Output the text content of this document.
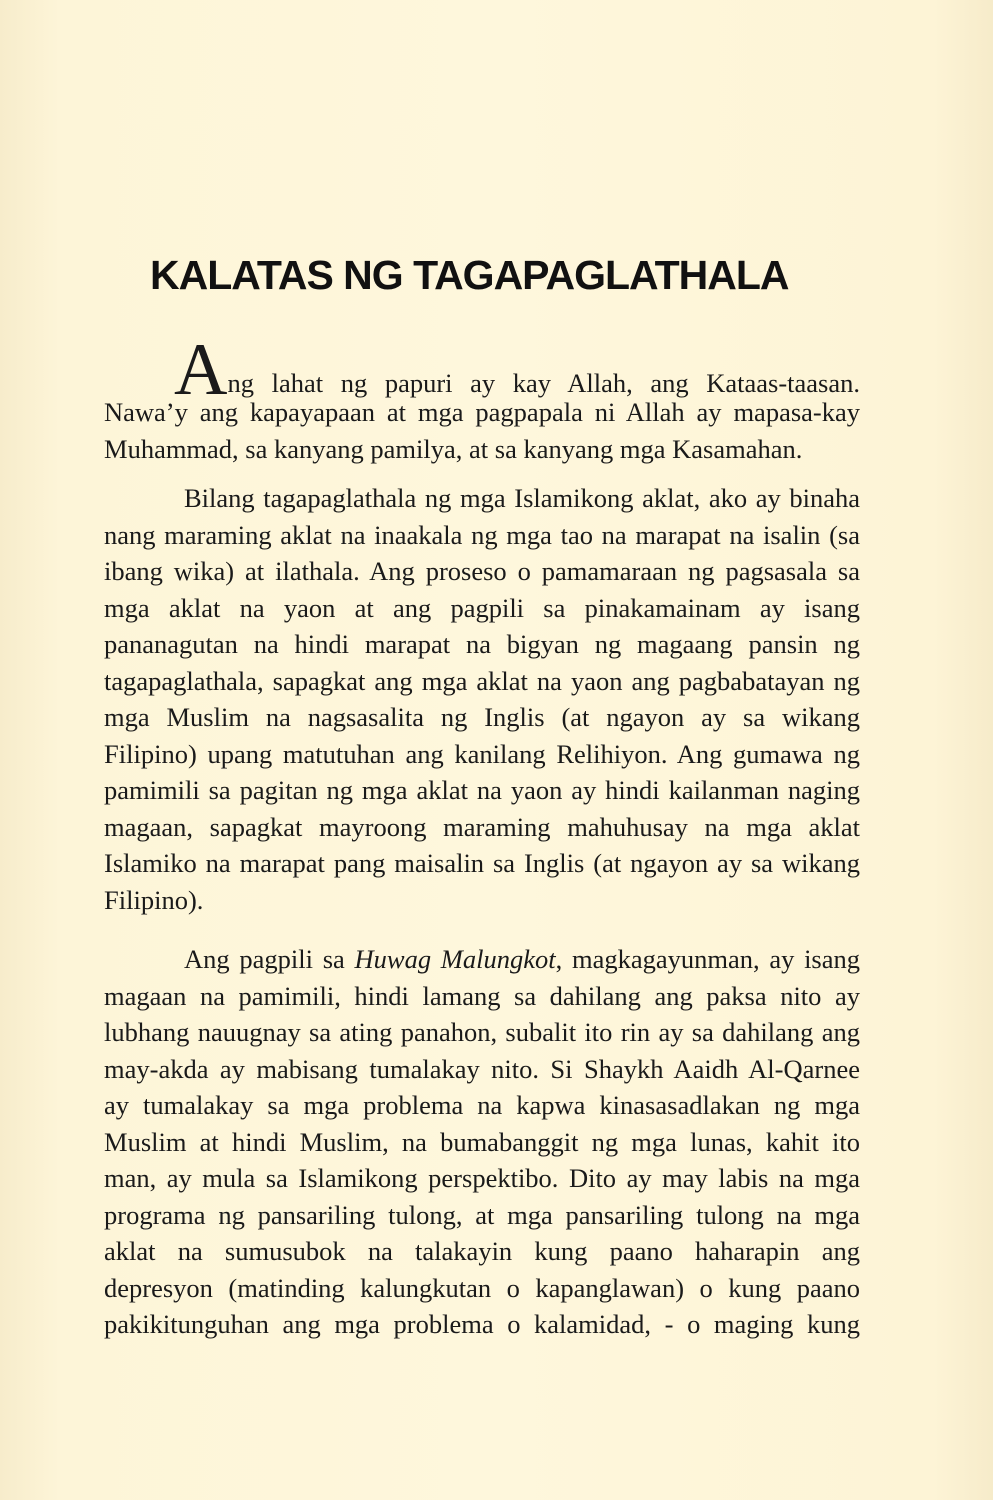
KALATAS NG TAGAPAGLATHALA
Ang lahat ng papuri ay kay Allah, ang Kataas-taasan.
Nawa’y ang kapayapaan at mga pagpapala ni Allah ay mapasa-kay
Muhammad, sa kanyang pamilya, at sa kanyang mga Kasamahan.
Bilang tagapaglathala ng mga Islamikong aklat, ako ay binaha
nang maraming aklat na inaakala ng mga tao na marapat na isalin (sa
ibang wika) at ilathala. Ang proseso o pamamaraan ng pagsasala sa
mga aklat na yaon at ang pagpili sa pinakamainam ay isang
pananagutan na hindi marapat na bigyan ng magaang pansin ng
tagapaglathala, sapagkat ang mga aklat na yaon ang pagbabatayan ng
mga Muslim na nagsasalita ng Inglis (at ngayon ay sa wikang
Filipino) upang matutuhan ang kanilang Relihiyon. Ang gumawa ng
pamimili sa pagitan ng mga aklat na yaon ay hindi kailanman naging
magaan, sapagkat mayroong maraming mahuhusay na mga aklat
Islamiko na marapat pang maisalin sa Inglis (at ngayon ay sa wikang
Filipino).
Ang pagpili sa Huwag Malungkot, magkagayunman, ay isang
magaan na pamimili, hindi lamang sa dahilang ang paksa nito ay
lubhang nauugnay sa ating panahon, subalit ito rin ay sa dahilang ang
may-akda ay mabisang tumalakay nito. Si Shaykh Aaidh Al-Qarnee
ay tumalakay sa mga problema na kapwa kinasasadlakan ng mga
Muslim at hindi Muslim, na bumabanggit ng mga lunas, kahit ito
man, ay mula sa Islamikong perspektibo. Dito ay may labis na mga
programa ng pansariling tulong, at mga pansariling tulong na mga
aklat na sumusubok na talakayin kung paano haharapin ang
depresyon (matinding kalungkutan o kapanglawan) o kung paano
pakikitunguhan ang mga problema o kalamidad, - o maging kung
